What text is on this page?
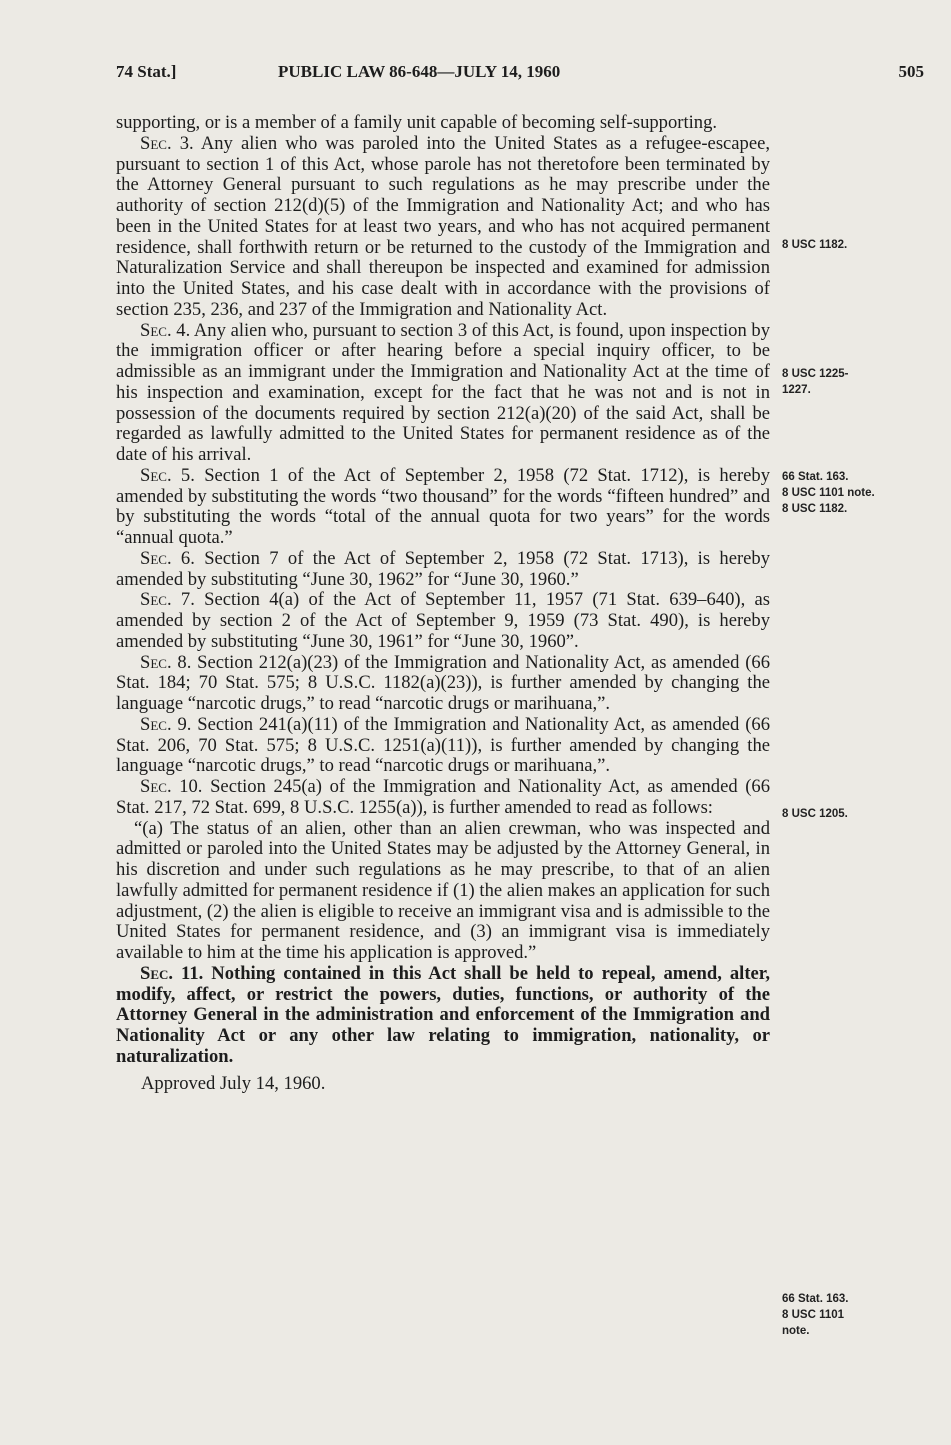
74 Stat.]	PUBLIC LAW 86-648—JULY 14, 1960	505

supporting, or is a member of a family unit capable of becoming self-supporting.

Sec. 3. Any alien who was paroled into the United States as a refugee-escapee, pursuant to section 1 of this Act, whose parole has not theretofore been terminated by the Attorney General pursuant to such regulations as he may prescribe under the authority of section 212(d)(5) of the Immigration and Nationality Act; and who has been in the United States for at least two years, and who has not acquired permanent residence, shall forthwith return or be returned to the custody of the Immigration and Naturalization Service and shall thereupon be inspected and examined for admission into the United States, and his case dealt with in accordance with the provisions of section 235, 236, and 237 of the Immigration and Nationality Act.

Sec. 4. Any alien who, pursuant to section 3 of this Act, is found, upon inspection by the immigration officer or after hearing before a special inquiry officer, to be admissible as an immigrant under the Immigration and Nationality Act at the time of his inspection and examination, except for the fact that he was not and is not in possession of the documents required by section 212(a)(20) of the said Act, shall be regarded as lawfully admitted to the United States for permanent residence as of the date of his arrival.

Sec. 5. Section 1 of the Act of September 2, 1958 (72 Stat. 1712), is hereby amended by substituting the words “two thousand” for the words “fifteen hundred” and by substituting the words “total of the annual quota for two years” for the words “annual quota.”

Sec. 6. Section 7 of the Act of September 2, 1958 (72 Stat. 1713), is hereby amended by substituting “June 30, 1962” for “June 30, 1960.”

Sec. 7. Section 4(a) of the Act of September 11, 1957 (71 Stat. 639–640), as amended by section 2 of the Act of September 9, 1959 (73 Stat. 490), is hereby amended by substituting “June 30, 1961” for “June 30, 1960”.

Sec. 8. Section 212(a)(23) of the Immigration and Nationality Act, as amended (66 Stat. 184; 70 Stat. 575; 8 U.S.C. 1182(a)(23)), is further amended by changing the language “narcotic drugs,” to read “narcotic drugs or marihuana,”.

Sec. 9. Section 241(a)(11) of the Immigration and Nationality Act, as amended (66 Stat. 206, 70 Stat. 575; 8 U.S.C. 1251(a)(11)), is further amended by changing the language “narcotic drugs,” to read “narcotic drugs or marihuana,”.

Sec. 10. Section 245(a) of the Immigration and Nationality Act, as amended (66 Stat. 217, 72 Stat. 699, 8 U.S.C. 1255(a)), is further amended to read as follows:

“(a) The status of an alien, other than an alien crewman, who was inspected and admitted or paroled into the United States may be adjusted by the Attorney General, in his discretion and under such regulations as he may prescribe, to that of an alien lawfully admitted for permanent residence if (1) the alien makes an application for such adjustment, (2) the alien is eligible to receive an immigrant visa and is admissible to the United States for permanent residence, and (3) an immigrant visa is immediately available to him at the time his application is approved.”

Sec. 11. Nothing contained in this Act shall be held to repeal, amend, alter, modify, affect, or restrict the powers, duties, functions, or authority of the Attorney General in the administration and enforcement of the Immigration and Nationality Act or any other law relating to immigration, nationality, or naturalization.

Approved July 14, 1960.

8 USC 1182.
8 USC 1225-
1227.
66 Stat. 163.
8 USC 1101 note.
8 USC 1182.
8 USC 1205.
66 Stat. 163.
8 USC 1101
note.
